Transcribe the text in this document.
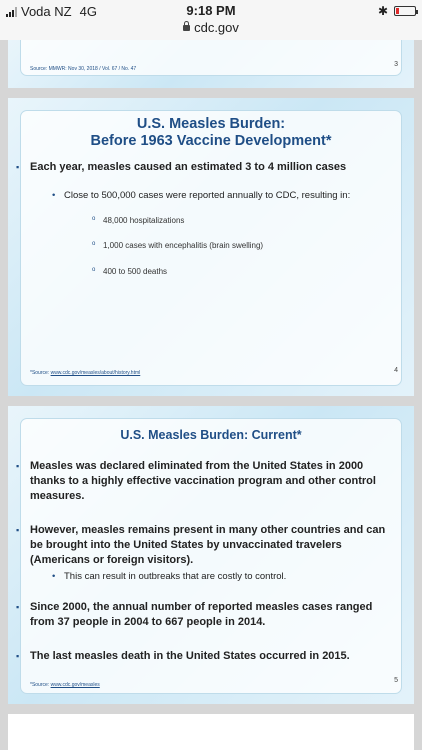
Voda NZ 4G	9:18 PM	✱
cdc.gov
Source: MMWR: Nov 30, 2018 / Vol. 67 / No. 47
3
U.S. Measles Burden:
Before 1963 Vaccine Development*
▪ Each year, measles caused an estimated 3 to 4 million cases
• Close to 500,000 cases were reported annually to CDC, resulting in:
o 48,000 hospitalizations
o 1,000 cases with encephalitis (brain swelling)
o 400 to 500 deaths
*Source: www.cdc.gov/measles/about/history.html	4
U.S. Measles Burden: Current*
▪ Measles was declared eliminated from the United States in 2000 thanks to a highly effective vaccination program and other control measures.
▪ However, measles remains present in many other countries and can be brought into the United States by unvaccinated travelers (Americans or foreign visitors).
• This can result in outbreaks that are costly to control.
▪ Since 2000, the annual number of reported measles cases ranged from 37 people in 2004 to 667 people in 2014.
▪ The last measles death in the United States occurred in 2015.
*Source: www.cdc.gov/measles
5
